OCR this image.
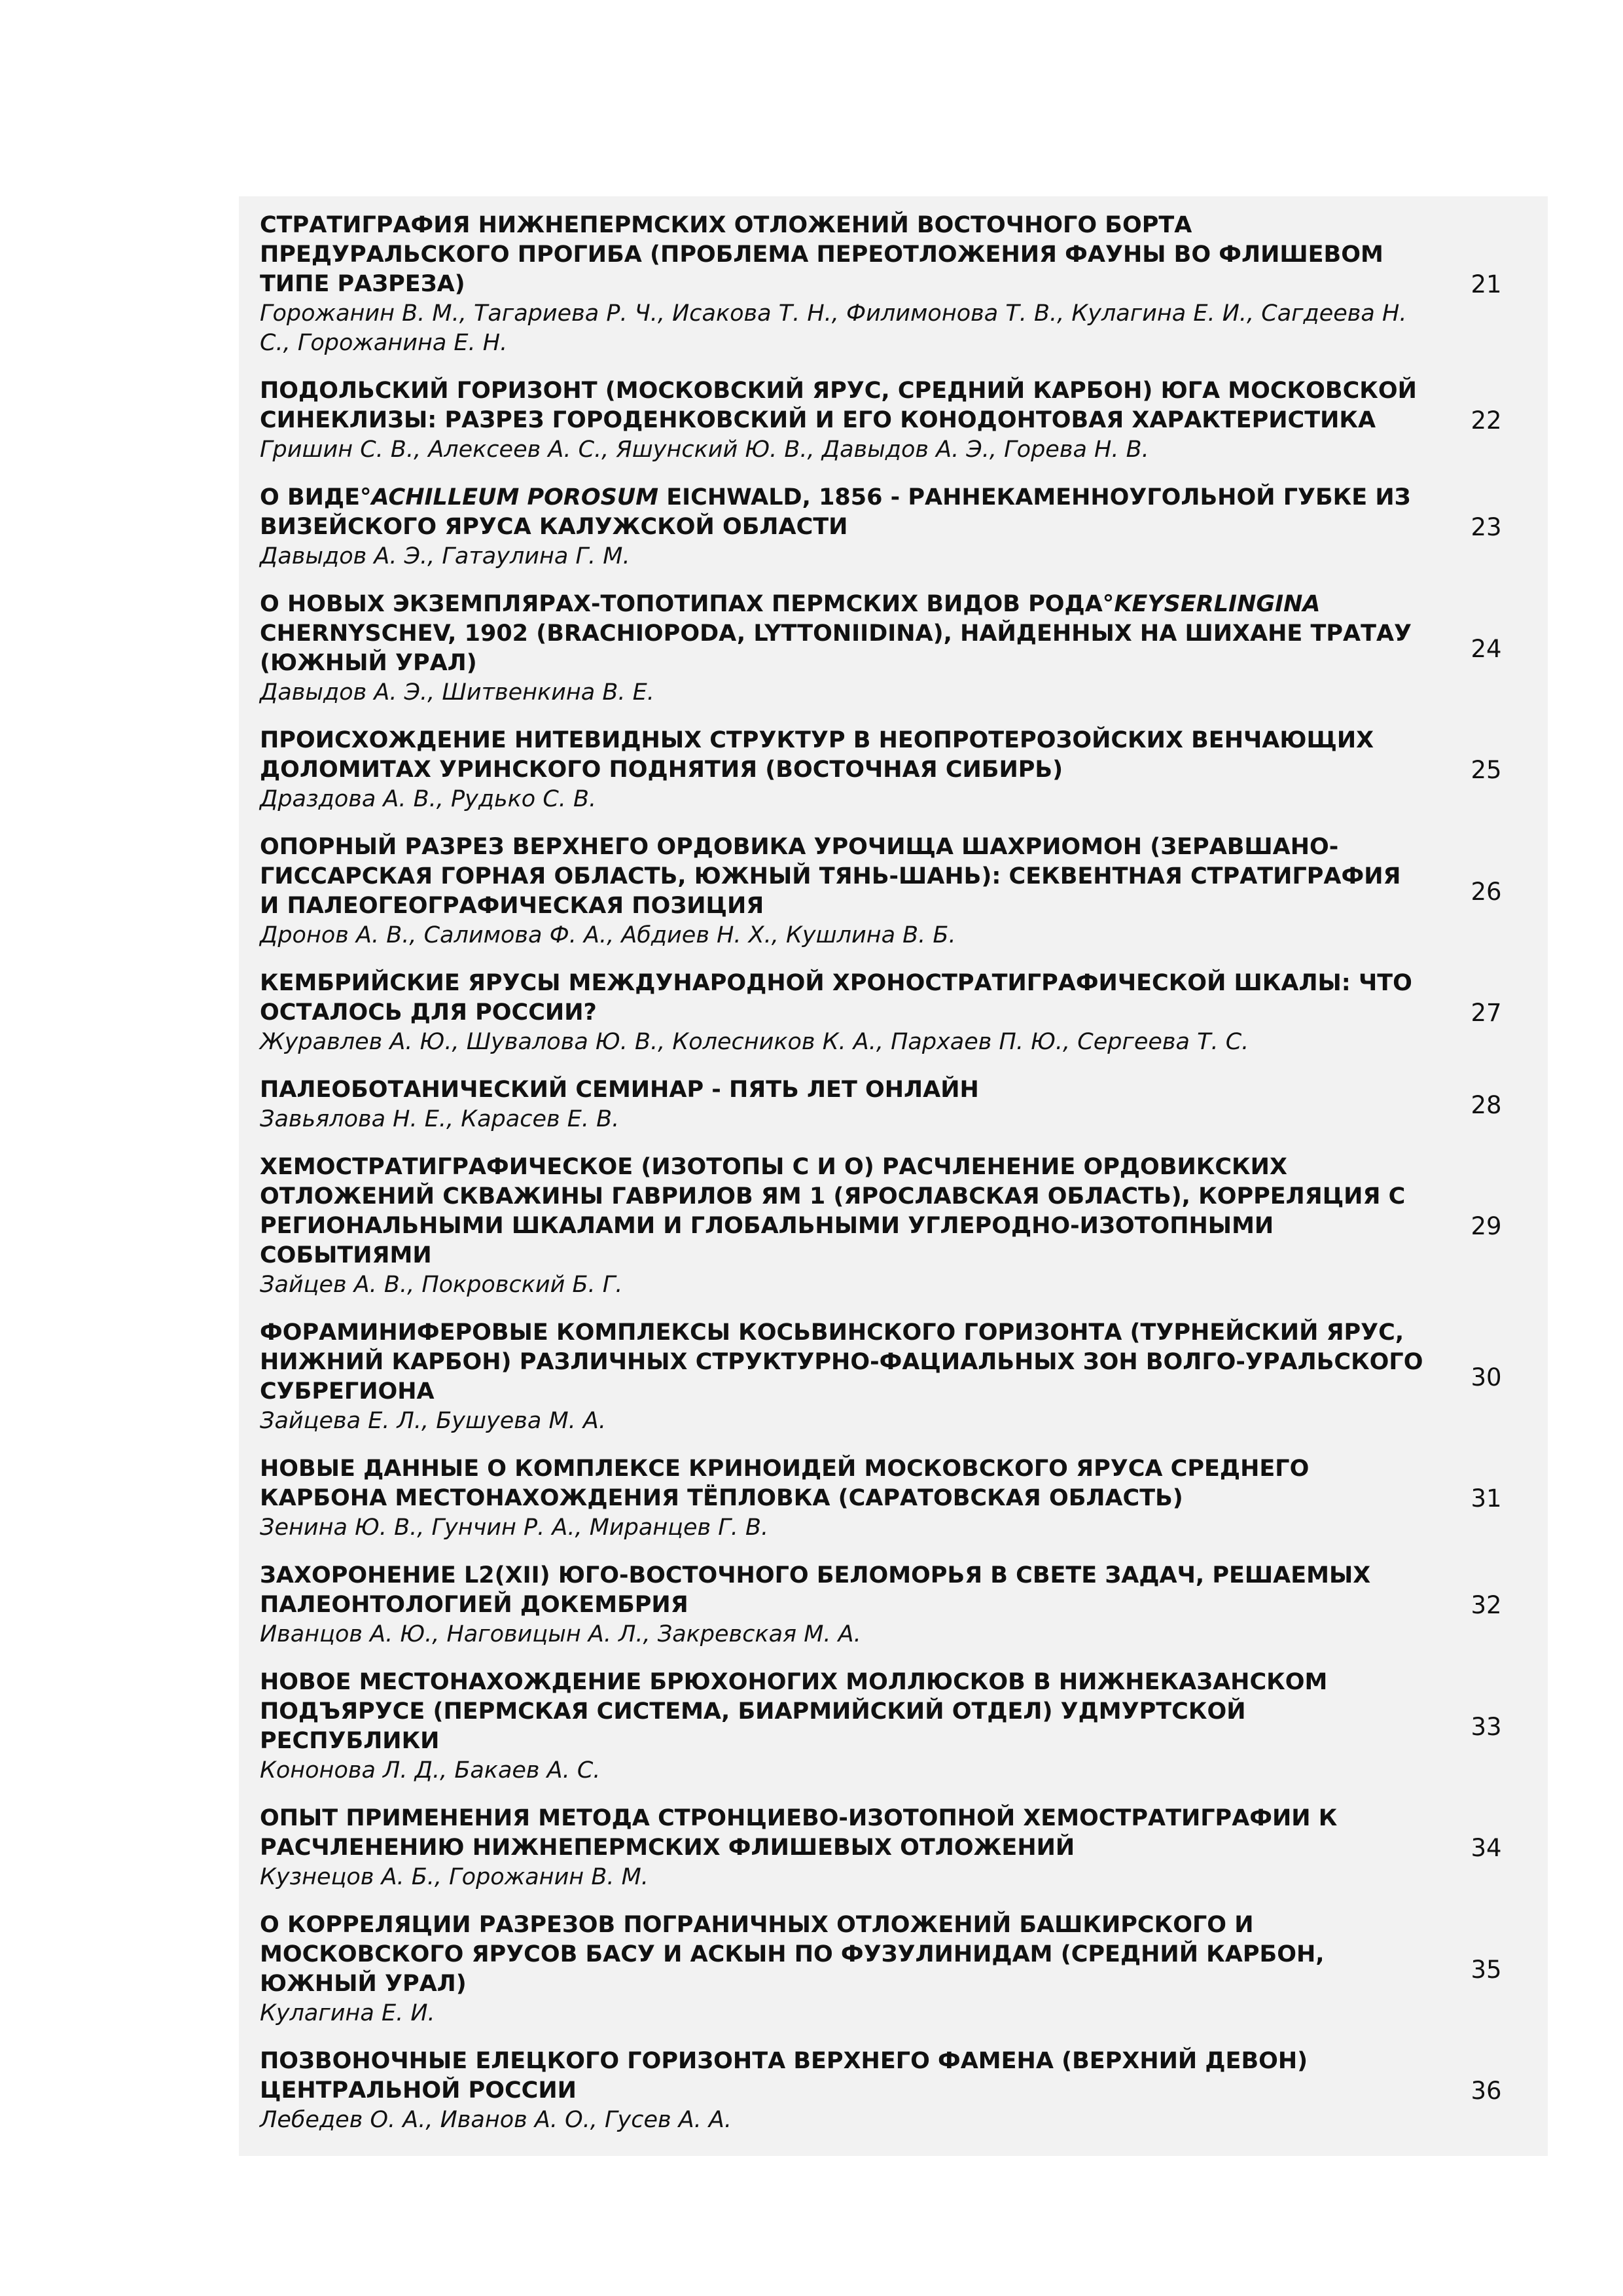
СТРАТИГРАФИЯ НИЖНЕПЕРМСКИХ ОТЛОЖЕНИЙ ВОСТОЧНОГО БОРТА ПРЕДУРАЛЬСКОГО ПРОГИБА (ПРОБЛЕМА ПЕРЕОТЛОЖЕНИЯ ФАУНЫ ВО ФЛИШЕВОМ ТИПЕ РАЗРЕЗА)
Горожанин В. М., Тагариева Р. Ч., Исакова Т. Н., Филимонова Т. В., Кулагина Е. И., Сагдеева Н. С., Горожанина Е. Н.
21
ПОДОЛЬСКИЙ ГОРИЗОНТ (МОСКОВСКИЙ ЯРУС, СРЕДНИЙ КАРБОН) ЮГА МОСКОВСКОЙ СИНЕКЛИЗЫ: РАЗРЕЗ ГОРОДЕНКОВСКИЙ И ЕГО КОНОДОНТОВАЯ ХАРАКТЕРИСТИКА
Гришин С. В., Алексеев А. С., Яшунский Ю. В., Давыдов А. Э., Горева Н. В.
22
О ВИДЕ°ACHILLEUM POROSUM EICHWALD, 1856 - РАННЕКАМЕННОУГОЛЬНОЙ ГУБКЕ ИЗ ВИЗЕЙСКОГО ЯРУСА КАЛУЖСКОЙ ОБЛАСТИ
Давыдов А. Э., Гатаулина Г. М.
23
О НОВЫХ ЭКЗЕМПЛЯРАХ-ТОПОТИПАХ ПЕРМСКИХ ВИДОВ РОДА°KEYSERLINGINA CHERNYSCHEV, 1902 (BRACHIOPODA, LYTTONIIDINA), НАЙДЕННЫХ НА ШИХАНЕ ТРАТАУ (ЮЖНЫЙ УРАЛ)
Давыдов А. Э., Шитвенкина В. Е.
24
ПРОИСХОЖДЕНИЕ НИТЕВИДНЫХ СТРУКТУР В НЕОПРОТЕРОЗОЙСКИХ ВЕНЧАЮЩИХ ДОЛОМИТАХ УРИНСКОГО ПОДНЯТИЯ (ВОСТОЧНАЯ СИБИРЬ)
Драздова А. В., Рудько С. В.
25
ОПОРНЫЙ РАЗРЕЗ ВЕРХНЕГО ОРДОВИКА УРОЧИЩА ШАХРИОМОН (ЗЕРАВШАНО-ГИССАРСКАЯ ГОРНАЯ ОБЛАСТЬ, ЮЖНЫЙ ТЯНЬ-ШАНЬ): СЕКВЕНТНАЯ СТРАТИГРАФИЯ И ПАЛЕОГЕОГРАФИЧЕСКАЯ ПОЗИЦИЯ
Дронов А. В., Салимова Ф. А., Абдиев Н. Х., Кушлина В. Б.
26
КЕМБРИЙСКИЕ ЯРУСЫ МЕЖДУНАРОДНОЙ ХРОНОСТРАТИГРАФИЧЕСКОЙ ШКАЛЫ: ЧТО ОСТАЛОСЬ ДЛЯ РОССИИ?
Журавлев А. Ю., Шувалова Ю. В., Колесников К. А., Пархаев П. Ю., Сергеева Т. С.
27
ПАЛЕОБОТАНИЧЕСКИЙ СЕМИНАР - ПЯТЬ ЛЕТ ОНЛАЙН
Завьялова Н. Е., Карасев Е. В.
28
ХЕМОСТРАТИГРАФИЧЕСКОЕ (ИЗОТОПЫ С И О) РАСЧЛЕНЕНИЕ ОРДОВИКСКИХ ОТЛОЖЕНИЙ СКВАЖИНЫ ГАВРИЛОВ ЯМ 1 (ЯРОСЛАВСКАЯ ОБЛАСТЬ), КОРРЕЛЯЦИЯ С РЕГИОНАЛЬНЫМИ ШКАЛАМИ И ГЛОБАЛЬНЫМИ УГЛЕРОДНО-ИЗОТОПНЫМИ СОБЫТИЯМИ
Зайцев А. В., Покровский Б. Г.
29
ФОРАМИНИФЕРОВЫЕ КОМПЛЕКСЫ КОСЬВИНСКОГО ГОРИЗОНТА (ТУРНЕЙСКИЙ ЯРУС, НИЖНИЙ КАРБОН) РАЗЛИЧНЫХ СТРУКТУРНО-ФАЦИАЛЬНЫХ ЗОН ВОЛГО-УРАЛЬСКОГО СУБРЕГИОНА
Зайцева Е. Л., Бушуева М. А.
30
НОВЫЕ ДАННЫЕ О КОМПЛЕКСЕ КРИНОИДЕЙ МОСКОВСКОГО ЯРУСА СРЕДНЕГО КАРБОНА МЕСТОНАХОЖДЕНИЯ ТЁПЛОВКА (САРАТОВСКАЯ ОБЛАСТЬ)
Зенина Ю. В., Гунчин Р. А., Миранцев Г. В.
31
ЗАХОРОНЕНИЕ L2(XII) ЮГО-ВОСТОЧНОГО БЕЛОМОРЬЯ В СВЕТЕ ЗАДАЧ, РЕШАЕМЫХ ПАЛЕОНТОЛОГИЕЙ ДОКЕМБРИЯ
Иванцов А. Ю., Наговицын А. Л., Закревская М. А.
32
НОВОЕ МЕСТОНАХОЖДЕНИЕ БРЮХОНОГИХ МОЛЛЮСКОВ В НИЖНЕКАЗАНСКОМ ПОДЪЯРУСЕ (ПЕРМСКАЯ СИСТЕМА, БИАРМИЙСКИЙ ОТДЕЛ) УДМУРТСКОЙ РЕСПУБЛИКИ
Кононова Л. Д., Бакаев А. С.
33
ОПЫТ ПРИМЕНЕНИЯ МЕТОДА СТРОНЦИЕВО-ИЗОТОПНОЙ ХЕМОСТРАТИГРАФИИ К РАСЧЛЕНЕНИЮ НИЖНЕПЕРМСКИХ ФЛИШЕВЫХ ОТЛОЖЕНИЙ
Кузнецов А. Б., Горожанин В. М.
34
О КОРРЕЛЯЦИИ РАЗРЕЗОВ ПОГРАНИЧНЫХ ОТЛОЖЕНИЙ БАШКИРСКОГО И МОСКОВСКОГО ЯРУСОВ БАСУ И АСКЫН ПО ФУЗУЛИНИДАМ (СРЕДНИЙ КАРБОН, ЮЖНЫЙ УРАЛ)
Кулагина Е. И.
35
ПОЗВОНОЧНЫЕ ЕЛЕЦКОГО ГОРИЗОНТА ВЕРХНЕГО ФАМЕНА (ВЕРХНИЙ ДЕВОН) ЦЕНТРАЛЬНОЙ РОССИИ
Лебедев О. А., Иванов А. О., Гусев А. А.
36
